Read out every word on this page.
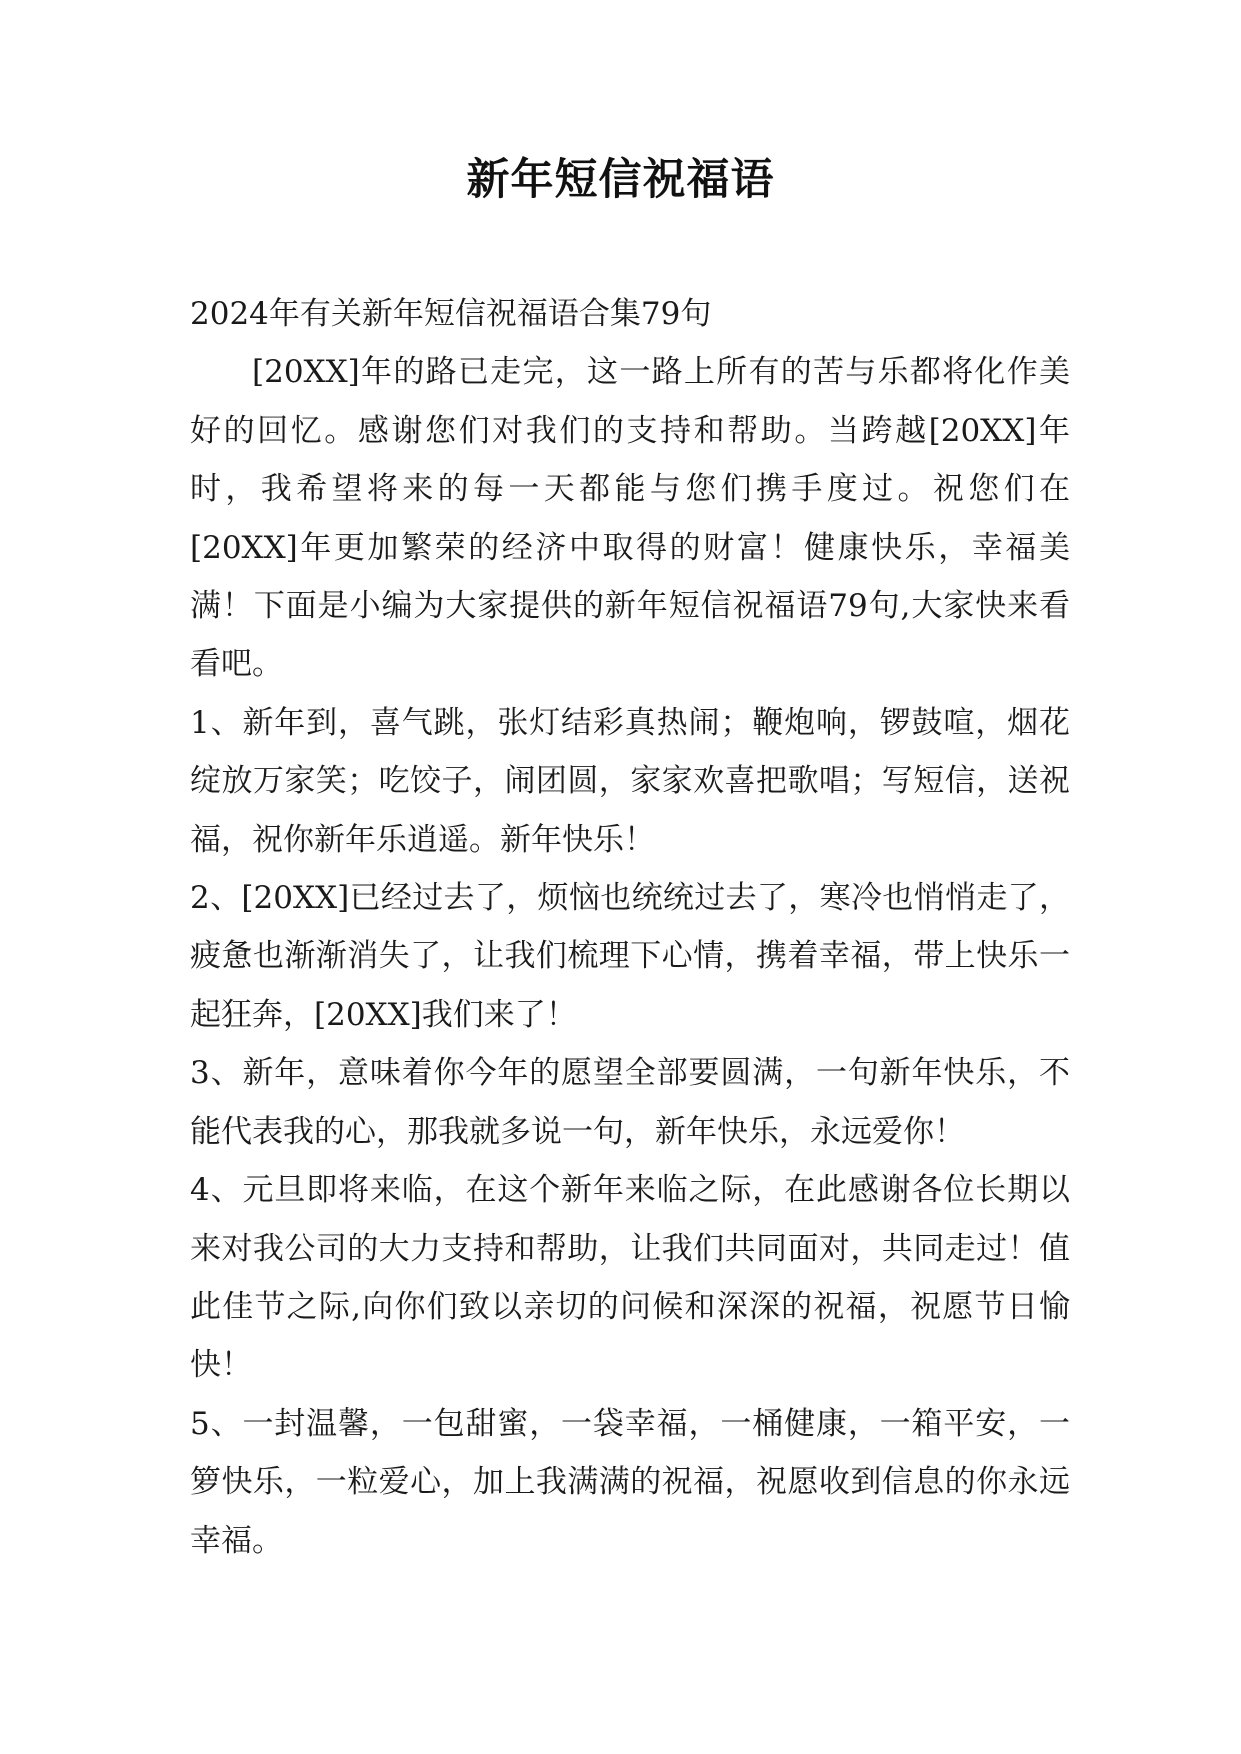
新年短信祝福语

2024年有关新年短信祝福语合集79句

[20XX]年的路已走完，这一路上所有的苦与乐都将化作美好的回忆。感谢您们对我们的支持和帮助。当跨越[20XX]年时，我希望将来的每一天都能与您们携手度过。祝您们在[20XX]年更加繁荣的经济中取得的财富！健康快乐，幸福美满！下面是小编为大家提供的新年短信祝福语79句,大家快来看看吧。

1、新年到，喜气跳，张灯结彩真热闹；鞭炮响，锣鼓喧，烟花绽放万家笑；吃饺子，闹团圆，家家欢喜把歌唱；写短信，送祝福，祝你新年乐逍遥。新年快乐！

2、[20XX]已经过去了，烦恼也统统过去了，寒冷也悄悄走了，疲惫也渐渐消失了，让我们梳理下心情，携着幸福，带上快乐一起狂奔，[20XX]我们来了！

3、新年，意味着你今年的愿望全部要圆满，一句新年快乐，不能代表我的心，那我就多说一句，新年快乐，永远爱你！

4、元旦即将来临，在这个新年来临之际，在此感谢各位长期以来对我公司的大力支持和帮助，让我们共同面对，共同走过！值此佳节之际,向你们致以亲切的问候和深深的祝福，祝愿节日愉快！

5、一封温馨，一包甜蜜，一袋幸福，一桶健康，一箱平安，一箩快乐，一粒爱心，加上我满满的祝福，祝愿收到信息的你永远幸福。
